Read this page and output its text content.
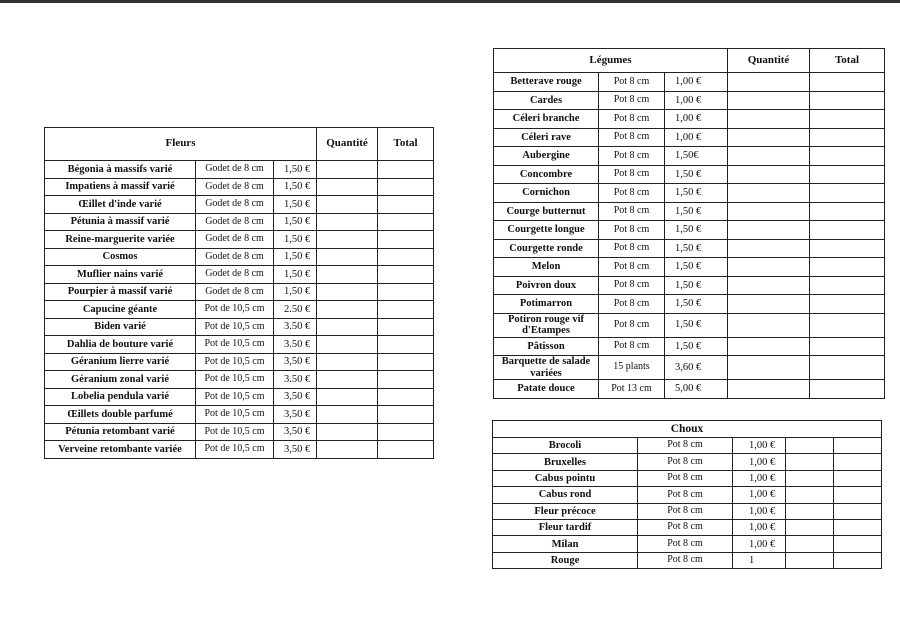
Fleurs			Quantité	Total
Bégonia à massifs varié	Godet de 8 cm	1,50 €		
Impatiens à massif varié	Godet de 8 cm	1,50 €		
Œillet d'inde varié	Godet de 8 cm	1,50 €		
Pétunia à massif varié	Godet de 8 cm	1,50 €		
Reine-marguerite variée	Godet de 8 cm	1,50 €		
Cosmos	Godet de 8 cm	1,50 €		
Muflier nains varié	Godet de 8 cm	1,50 €		
Pourpier à massif varié	Godet de 8 cm	1,50 €		
Capucine géante	Pot de 10,5 cm	2.50 €		
Biden varié	Pot de 10,5 cm	3.50 €		
Dahlia de bouture varié	Pot de 10,5 cm	3.50 €		
Géranium lierre varié	Pot de 10,5 cm	3,50 €		
Géranium zonal varié	Pot de 10,5 cm	3.50 €		
Lobelia pendula varié	Pot de 10,5 cm	3,50 €		
Œillets double parfumé	Pot de 10,5 cm	3,50 €		
Pétunia retombant varié	Pot de 10,5 cm	3,50 €		
Verveine retombante variée	Pot de 10,5 cm	3,50 €		
Légumes			Quantité	Total
Betterave rouge	Pot 8 cm	1,00 €		
Cardes	Pot 8 cm	1,00 €		
Céleri branche	Pot 8 cm	1,00 €		
Céleri rave	Pot 8 cm	1,00 €		
Aubergine	Pot 8 cm	1,50€		
Concombre	Pot 8 cm	1,50 €		
Cornichon	Pot 8 cm	1,50 €		
Courge butternut	Pot 8 cm	1,50 €		
Courgette longue	Pot 8 cm	1,50 €		
Courgette ronde	Pot 8 cm	1,50 €		
Melon	Pot 8 cm	1,50 €		
Poivron doux	Pot 8 cm	1,50 €		
Potimarron	Pot 8 cm	1,50 €		
Potiron rouge vif d'Etampes	Pot 8 cm	1,50 €		
Pâtisson	Pot 8 cm	1,50 €		
Barquette de salade variées	15 plants	3,60 €		
Patate douce	Pot 13 cm	5,00 €		
Choux				
Brocoli	Pot 8 cm	1,00 €		
Bruxelles	Pot 8 cm	1,00 €		
Cabus pointu	Pot 8 cm	1,00 €		
Cabus rond	Pot 8 cm	1,00 €		
Fleur précoce	Pot 8 cm	1,00 €		
Fleur tardif	Pot 8 cm	1,00 €		
Milan	Pot 8 cm	1,00 €		
Rouge	Pot 8 cm	1		
